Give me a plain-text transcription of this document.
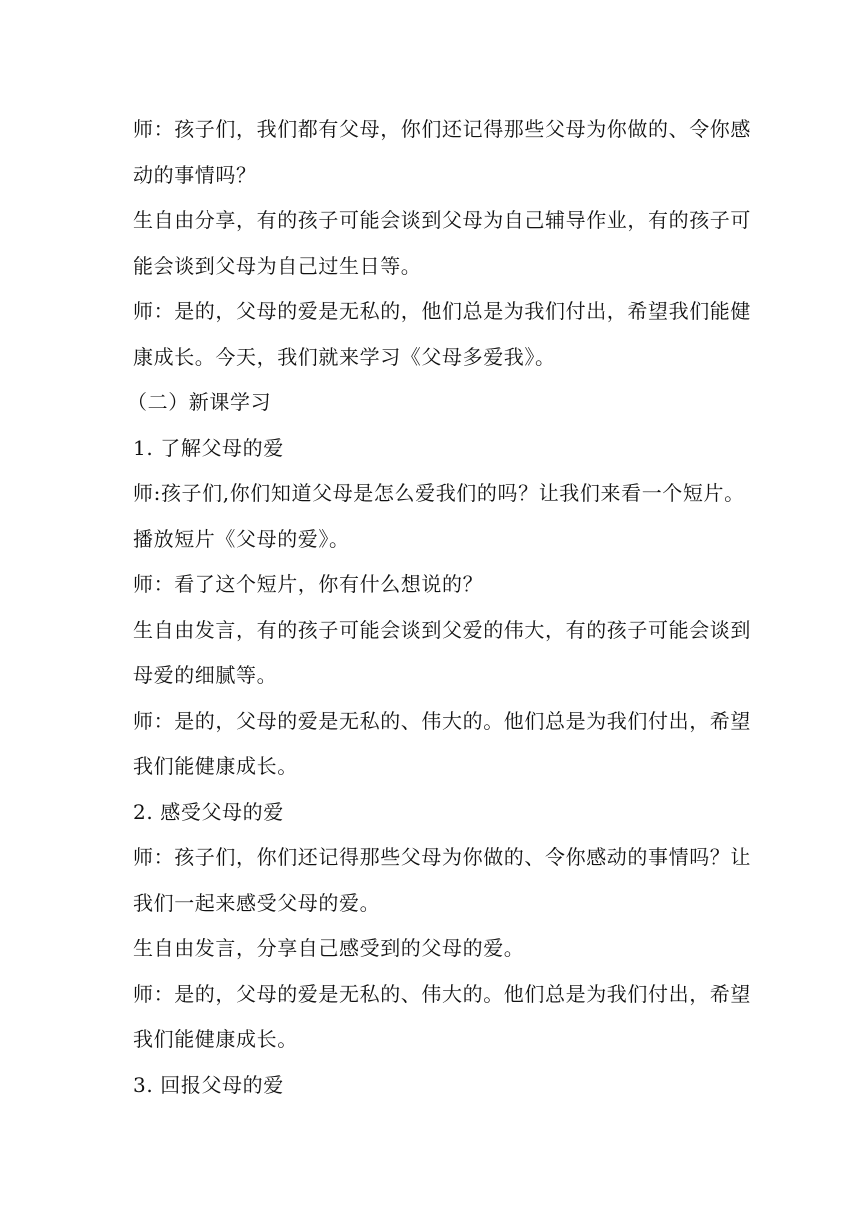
师：孩子们，我们都有父母，你们还记得那些父母为你做的、令你感
动的事情吗？
生自由分享，有的孩子可能会谈到父母为自己辅导作业，有的孩子可
能会谈到父母为自己过生日等。
师：是的，父母的爱是无私的，他们总是为我们付出，希望我们能健
康成长。今天，我们就来学习《父母多爱我》。
（二）新课学习
1. 了解父母的爱
师:孩子们,你们知道父母是怎么爱我们的吗？让我们来看一个短片。
播放短片《父母的爱》。
师：看了这个短片，你有什么想说的？
生自由发言，有的孩子可能会谈到父爱的伟大，有的孩子可能会谈到
母爱的细腻等。
师：是的，父母的爱是无私的、伟大的。他们总是为我们付出，希望
我们能健康成长。
2. 感受父母的爱
师：孩子们，你们还记得那些父母为你做的、令你感动的事情吗？让
我们一起来感受父母的爱。
生自由发言，分享自己感受到的父母的爱。
师：是的，父母的爱是无私的、伟大的。他们总是为我们付出，希望
我们能健康成长。
3. 回报父母的爱
